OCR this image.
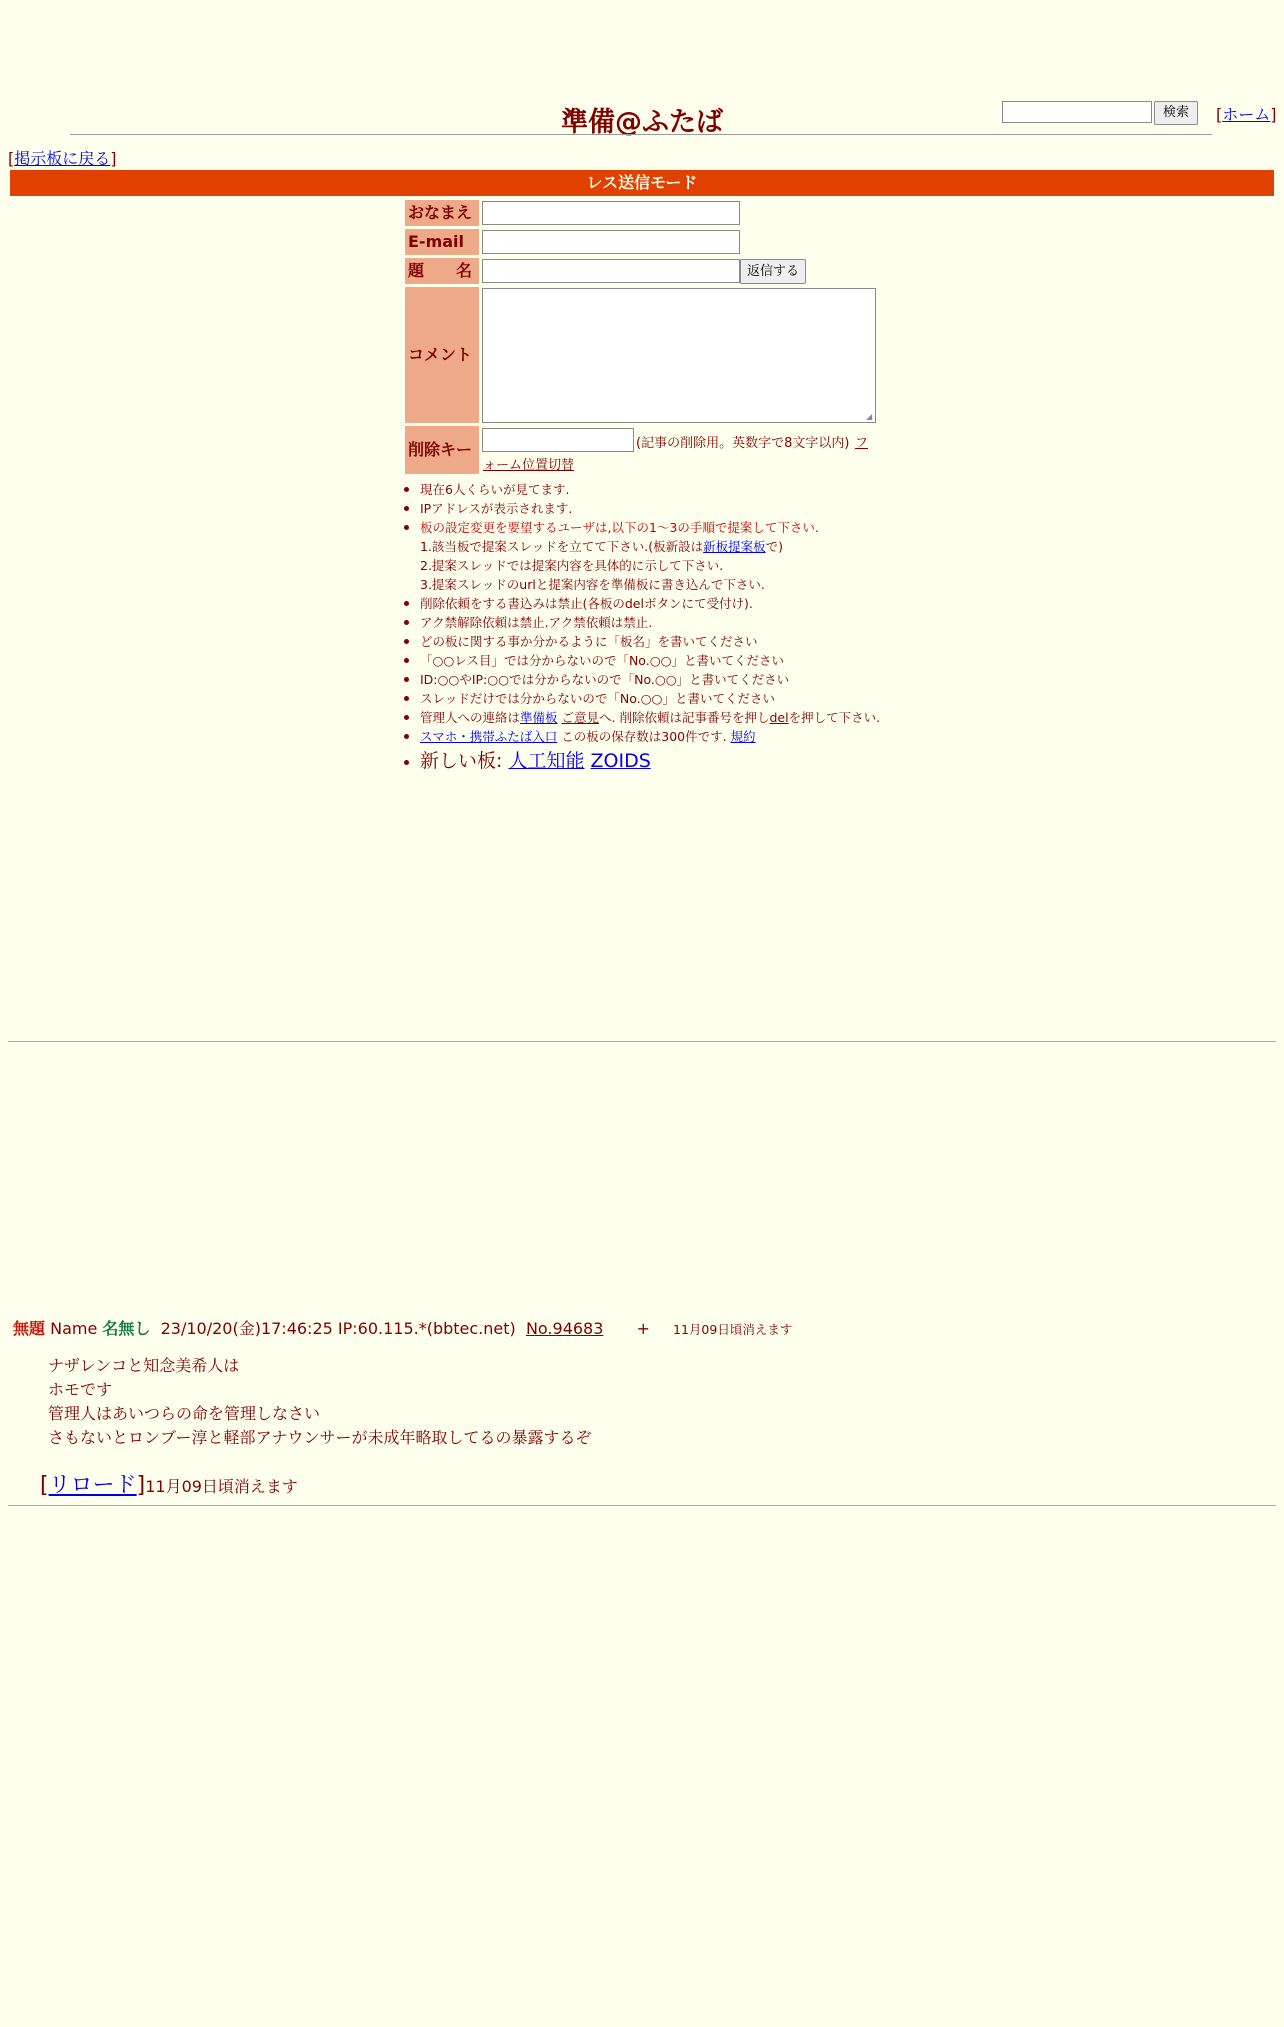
準備@ふたば	検索	[ホーム]
[掲示板に戻る]
レス送信モード
おなまえ
E-mail
題 名
コメント
削除キー
返信する
◢
(記事の削除用。英数字で8文字以内) フ
ォーム位置切替
現在6人くらいが見てます.
IPアドレスが表示されます.
板の設定変更を要望するユーザは,以下の1～3の手順で提案して下さい.
1.該当板で提案スレッドを立てて下さい.(板新設は新板提案板で)
2.提案スレッドでは提案内容を具体的に示して下さい.
3.提案スレッドのurlと提案内容を準備板に書き込んで下さい.
削除依頼をする書込みは禁止(各板のdelボタンにて受付け).
アク禁解除依頼は禁止.アク禁依頼は禁止.
どの板に関する事か分かるように「板名」を書いてください
「○○レス目」では分からないので「No.○○」と書いてください
ID:○○やIP:○○では分からないので「No.○○」と書いてください
スレッドだけでは分からないので「No.○○」と書いてください
管理人への連絡は準備板 ご意見へ. 削除依頼は記事番号を押しdelを押して下さい.
スマホ・携帯ふたば入口 この板の保存数は300件です. 規約
新しい板: 人工知能 ZOIDS
無題 Name 名無し 23/10/20(金)17:46:25 IP:60.115.*(bbtec.net) No.94683 + 11月09日頃消えます
ナザレンコと知念美希人は
ホモです
管理人はあいつらの命を管理しなさい
さもないとロンブー淳と軽部アナウンサーが未成年略取してるの暴露するぞ
[リロード]11月09日頃消えます
